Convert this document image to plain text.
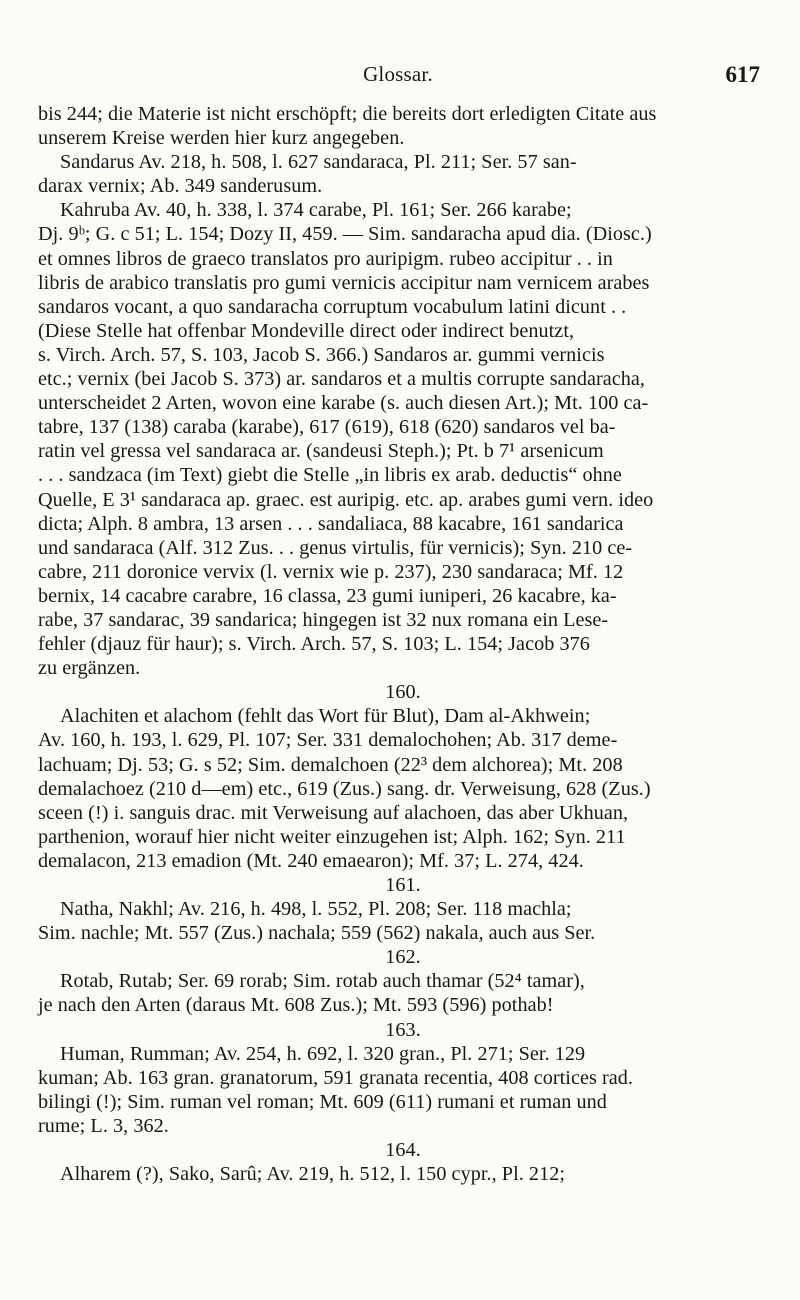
Glossar.	617
bis 244; die Materie ist nicht erschöpft; die bereits dort erledigten Citate aus
unserem Kreise werden hier kurz angegeben.
Sandarus Av. 218, h. 508, l. 627 sandaraca, Pl. 211; Ser. 57 san-
darax vernix; Ab. 349 sanderusum.
Kahruba Av. 40, h. 338, l. 374 carabe, Pl. 161; Ser. 266 karabe;
Dj. 9ᵇ; G. c 51; L. 154; Dozy II, 459. — Sim. sandaracha apud dia. (Diosc.)
et omnes libros de graeco translatos pro auripigm. rubeo accipitur . . in
libris de arabico translatis pro gumi vernicis accipitur nam vernicem arabes
sandaros vocant, a quo sandaracha corruptum vocabulum latini dicunt . .
(Diese Stelle hat offenbar Mondeville direct oder indirect benutzt,
s. Virch. Arch. 57, S. 103, Jacob S. 366.) Sandaros ar. gummi vernicis
etc.; vernix (bei Jacob S. 373) ar. sandaros et a multis corrupte sandaracha,
unterscheidet 2 Arten, wovon eine karabe (s. auch diesen Art.); Mt. 100 ca-
tabre, 137 (138) caraba (karabe), 617 (619), 618 (620) sandaros vel ba-
ratin vel gressa vel sandaraca ar. (sandeusi Steph.); Pt. b 7¹ arsenicum
. . . sandzaca (im Text) giebt die Stelle „in libris ex arab. deductis“ ohne
Quelle, E 3¹ sandaraca ap. graec. est auripig. etc. ap. arabes gumi vern. ideo
dicta; Alph. 8 ambra, 13 arsen . . . sandaliaca, 88 kacabre, 161 sandarica
und sandaraca (Alf. 312 Zus. . . genus virtulis, für vernicis); Syn. 210 ce-
cabre, 211 doronice vervix (l. vernix wie p. 237), 230 sandaraca; Mf. 12
bernix, 14 cacabre carabre, 16 classa, 23 gumi iuniperi, 26 kacabre, ka-
rabe, 37 sandarac, 39 sandarica; hingegen ist 32 nux romana ein Lese-
fehler (djauz für haur); s. Virch. Arch. 57, S. 103; L. 154; Jacob 376
zu ergänzen.
160.
Alachiten et alachom (fehlt das Wort für Blut), Dam al-Akhwein;
Av. 160, h. 193, l. 629, Pl. 107; Ser. 331 demalochohen; Ab. 317 deme-
lachuam; Dj. 53; G. s 52; Sim. demalchoen (22³ dem alchorea); Mt. 208
demalachoez (210 d—em) etc., 619 (Zus.) sang. dr. Verweisung, 628 (Zus.)
sceen (!) i. sanguis drac. mit Verweisung auf alachoen, das aber Ukhuan,
parthenion, worauf hier nicht weiter einzugehen ist; Alph. 162; Syn. 211
demalacon, 213 emadion (Mt. 240 emaearon); Mf. 37; L. 274, 424.
161.
Natha, Nakhl; Av. 216, h. 498, l. 552, Pl. 208; Ser. 118 machla;
Sim. nachle; Mt. 557 (Zus.) nachala; 559 (562) nakala, auch aus Ser.
162.
Rotab, Rutab; Ser. 69 rorab; Sim. rotab auch thamar (52⁴ tamar),
je nach den Arten (daraus Mt. 608 Zus.); Mt. 593 (596) pothab!
163.
Human, Rumman; Av. 254, h. 692, l. 320 gran., Pl. 271; Ser. 129
kuman; Ab. 163 gran. granatorum, 591 granata recentia, 408 cortices rad.
bilingi (!); Sim. ruman vel roman; Mt. 609 (611) rumani et ruman und
rume; L. 3, 362.
164.
Alharem (?), Sako, Sarû; Av. 219, h. 512, l. 150 cypr., Pl. 212;
